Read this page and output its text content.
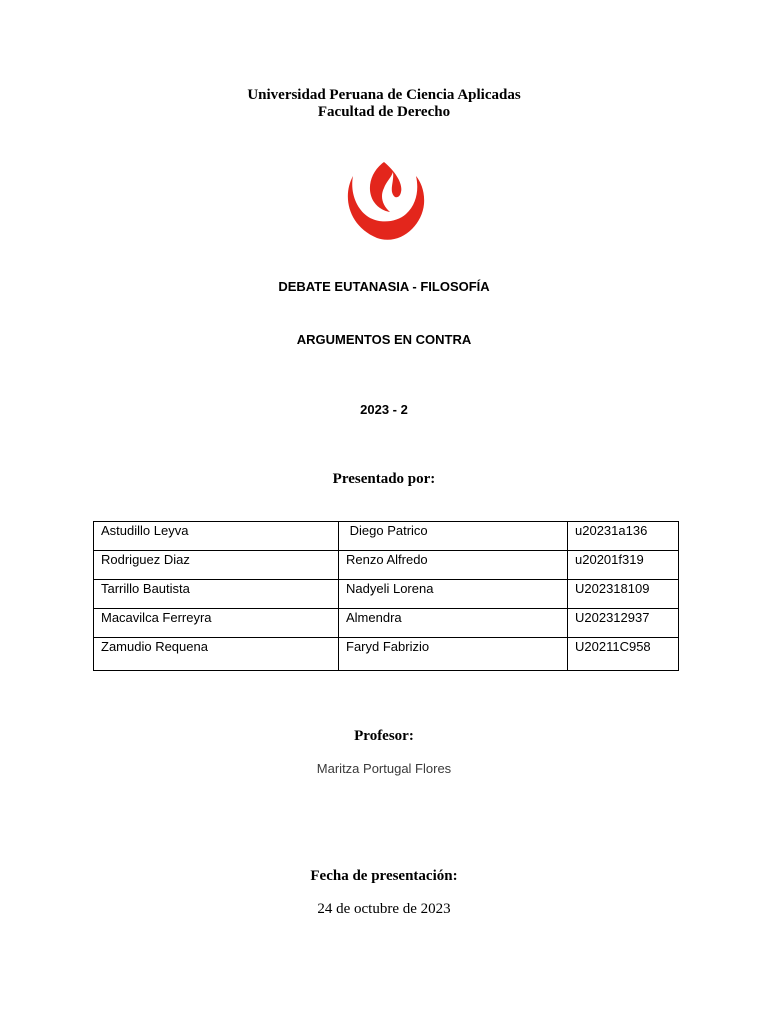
Universidad Peruana de Ciencia Aplicadas
Facultad de Derecho
DEBATE EUTANASIA - FILOSOFÍA
ARGUMENTOS EN CONTRA
2023 - 2
Presentado por:
Astudillo Leyva	Diego Patrico	u20231a136
Rodriguez Diaz	Renzo Alfredo	u20201f319
Tarrillo Bautista	Nadyeli Lorena	U202318109
Macavilca Ferreyra	Almendra	U202312937
Zamudio Requena	Faryd Fabrizio	U20211C958
Profesor:
Maritza Portugal Flores
Fecha de presentación:
24 de octubre de 2023
